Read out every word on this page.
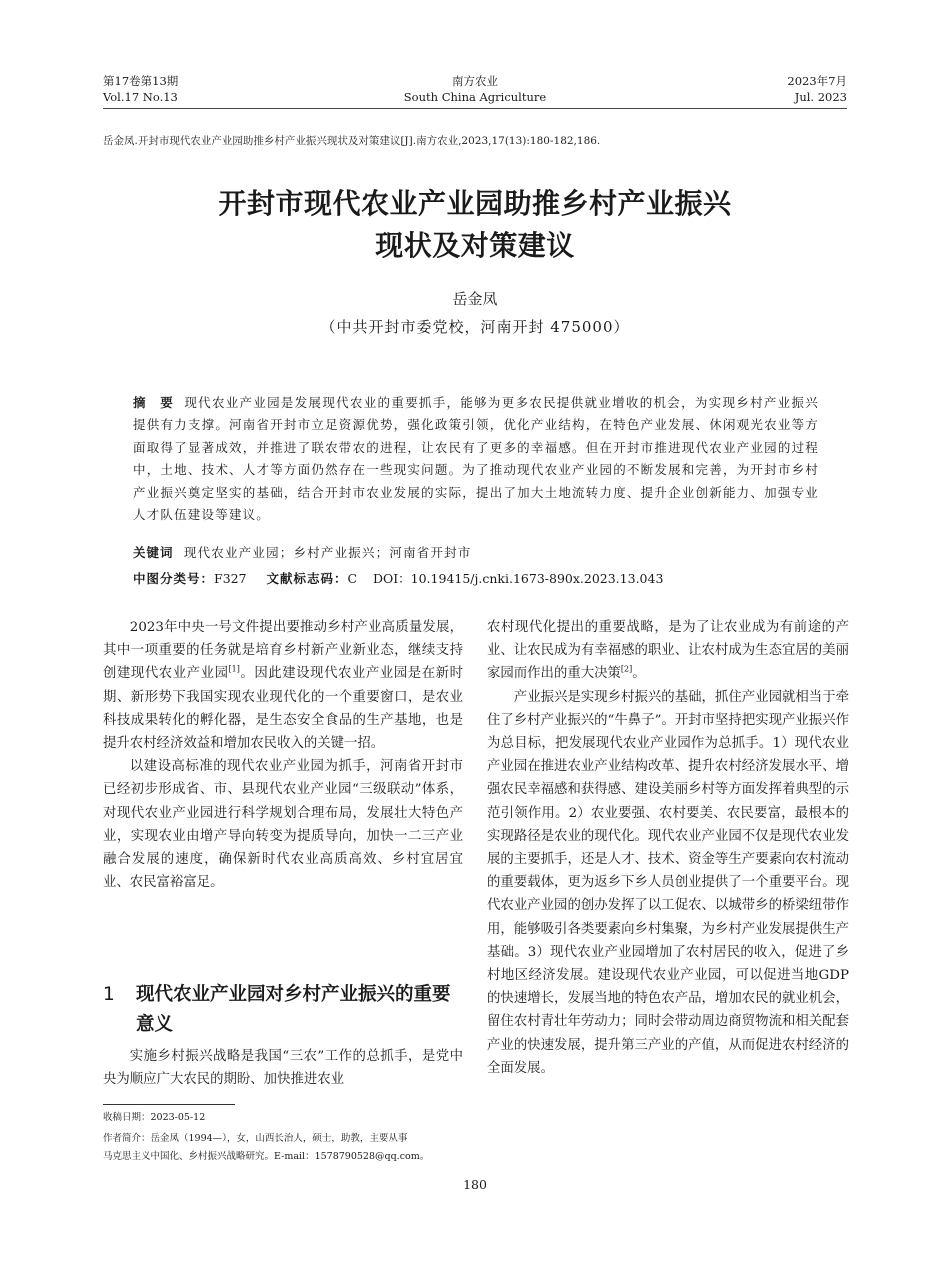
第17卷第13期
Vol.17 No.13
南方农业
South China Agriculture
2023年7月
Jul. 2023
岳金凤.开封市现代农业产业园助推乡村产业振兴现状及对策建议[J].南方农业,2023,17(13):180-182,186.
开封市现代农业产业园助推乡村产业振兴
现状及对策建议
岳金凤
（中共开封市委党校，河南开封 475000）
摘　要 现代农业产业园是发展现代农业的重要抓手，能够为更多农民提供就业增收的机会，为实现乡村产业振兴提供有力支撑。河南省开封市立足资源优势，强化政策引领，优化产业结构，在特色产业发展、休闲观光农业等方面取得了显著成效，并推进了联农带农的进程，让农民有了更多的幸福感。但在开封市推进现代农业产业园的过程中，土地、技术、人才等方面仍然存在一些现实问题。为了推动现代农业产业园的不断发展和完善，为开封市乡村产业振兴奠定坚实的基础，结合开封市农业发展的实际，提出了加大土地流转力度、提升企业创新能力、加强专业人才队伍建设等建议。
关键词 现代农业产业园；乡村产业振兴；河南省开封市
中图分类号：F327 文献标志码：C DOI：10.19415/j.cnki.1673-890x.2023.13.043

2023年中央一号文件提出要推动乡村产业高质量发展，其中一项重要的任务就是培育乡村新产业新业态，继续支持创建现代农业产业园[1]。因此建设现代农业产业园是在新时期、新形势下我国实现农业现代化的一个重要窗口，是农业科技成果转化的孵化器，是生态安全食品的生产基地，也是提升农村经济效益和增加农民收入的关键一招。

以建设高标准的现代农业产业园为抓手，河南省开封市已经初步形成省、市、县现代农业产业园“三级联动”体系，对现代农业产业园进行科学规划合理布局，发展壮大特色产业，实现农业由增产导向转变为提质导向，加快一二三产业融合发展的速度，确保新时代农业高质高效、乡村宜居宜业、农民富裕富足。

1 现代农业产业园对乡村产业振兴的重要意义

实施乡村振兴战略是我国“三农”工作的总抓手，是党中央为顺应广大农民的期盼、加快推进农业

收稿日期：2023-05-12
作者简介：岳金凤（1994—），女，山西长治人，硕士，助教，主要从事
马克思主义中国化、乡村振兴战略研究。E-mail：1578790528@qq.com。

农村现代化提出的重要战略，是为了让农业成为有前途的产业、让农民成为有幸福感的职业、让农村成为生态宜居的美丽家园而作出的重大决策[2]。

产业振兴是实现乡村振兴的基础，抓住产业园就相当于牵住了乡村产业振兴的“牛鼻子”。开封市坚持把实现产业振兴作为总目标，把发展现代农业产业园作为总抓手。1）现代农业产业园在推进农业产业结构改革、提升农村经济发展水平、增强农民幸福感和获得感、建设美丽乡村等方面发挥着典型的示范引领作用。2）农业要强、农村要美、农民要富，最根本的实现路径是农业的现代化。现代农业产业园不仅是现代农业发展的主要抓手，还是人才、技术、资金等生产要素向农村流动的重要载体，更为返乡下乡人员创业提供了一个重要平台。现代农业产业园的创办发挥了以工促农、以城带乡的桥梁纽带作用，能够吸引各类要素向乡村集聚，为乡村产业发展提供生产基础。3）现代农业产业园增加了农村居民的收入，促进了乡村地区经济发展。建设现代农业产业园，可以促进当地GDP的快速增长，发展当地的特色农产品，增加农民的就业机会，留住农村青壮年劳动力；同时会带动周边商贸物流和相关配套产业的快速发展，提升第三产业的产值，从而促进农村经济的全面发展。

180
